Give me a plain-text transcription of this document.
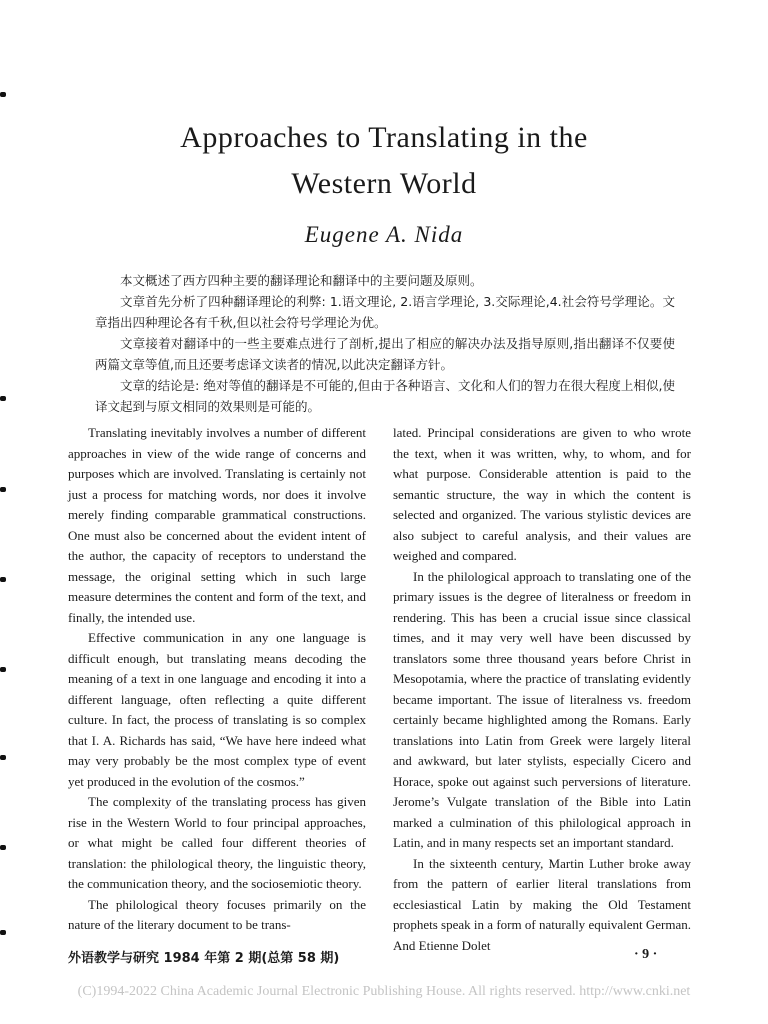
Approaches to Translating in the
Western World
Eugene A. Nida

本文概述了西方四种主要的翻译理论和翻译中的主要问题及原则。

文章首先分析了四种翻译理论的利弊: 1.语文理论, 2.语言学理论, 3.交际理论,4.社会符号学理论。文章指出四种理论各有千秋,但以社会符号学理论为优。

文章接着对翻译中的一些主要难点进行了剖析,提出了相应的解决办法及指导原则,指出翻译不仅要使两篇文章等值,而且还要考虑译文读者的情况,以此决定翻译方针。

文章的结论是: 绝对等值的翻译是不可能的,但由于各种语言、文化和人们的智力在很大程度上相似,使译文起到与原文相同的效果则是可能的。

Translating inevitably involves a number of different approaches in view of the wide range of concerns and purposes which are involved. Translating is certainly not just a process for matching words, nor does it involve merely finding comparable grammatical constructions. One must also be concerned about the evident intent of the author, the capacity of receptors to understand the message, the original setting which in such large measure determines the content and form of the text, and finally, the intended use.

Effective communication in any one language is difficult enough, but translating means decoding the meaning of a text in one language and encoding it into a different language, often reflecting a quite different culture. In fact, the process of translating is so complex that I. A. Richards has said, “We have here indeed what may very probably be the most complex type of event yet produced in the evolution of the cosmos.”

The complexity of the translating process has given rise in the Western World to four principal approaches, or what might be called four different theories of translation: the philological theory, the linguistic theory, the communication theory, and the sociosemiotic theory.

The philological theory focuses primarily on the nature of the literary document to be trans-

lated. Principal considerations are given to who wrote the text, when it was written, why, to whom, and for what purpose. Considerable attention is paid to the semantic structure, the way in which the content is selected and organized. The various stylistic devices are also subject to careful analysis, and their values are weighed and compared.

In the philological approach to translating one of the primary issues is the degree of literalness or freedom in rendering. This has been a crucial issue since classical times, and it may very well have been discussed by translators some three thousand years before Christ in Mesopotamia, where the practice of translating evidently became important. The issue of literalness vs. freedom certainly became highlighted among the Romans. Early translations into Latin from Greek were largely literal and awkward, but later stylists, especially Cicero and Horace, spoke out against such perversions of literature. Jerome’s Vulgate translation of the Bible into Latin marked a culmination of this philological approach in Latin, and in many respects set an important standard.

In the sixteenth century, Martin Luther broke away from the pattern of earlier literal translations from ecclesiastical Latin by making the Old Testament prophets speak in a form of naturally equivalent German. And Etienne Dolet

外语教学与研究 1984 年第 2 期(总第 58 期)	· 9 ·
(C)1994-2022 China Academic Journal Electronic Publishing House. All rights reserved. http://www.cnki.net
